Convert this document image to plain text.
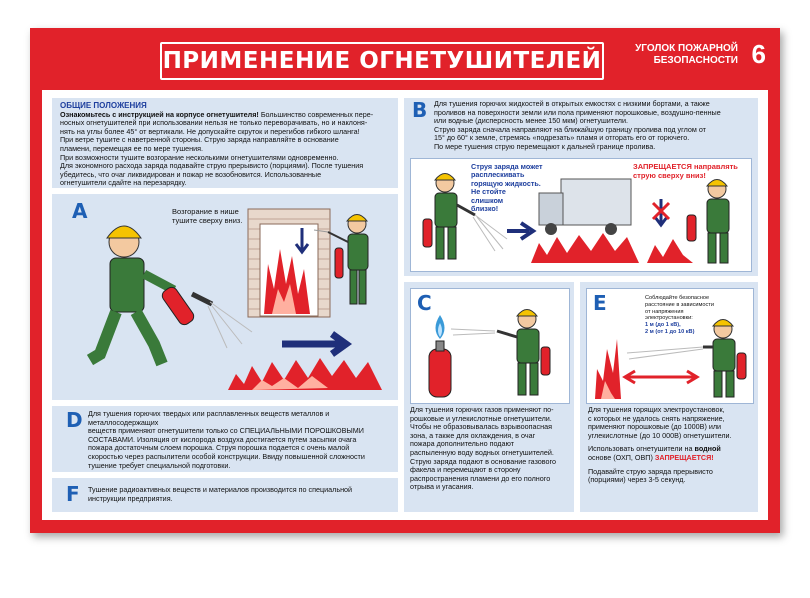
ПРИМЕНЕНИЕ ОГНЕТУШИТЕЛЕЙ	УГОЛОК ПОЖАРНОЙ
БЕЗОПАСНОСТИ 6
ОБЩИЕ ПОЛОЖЕНИЯ
Ознакомьтесь с инструкцией на корпусе огнетушителя! Большинство современных пере-
носных огнетушителей при использовании нельзя не только переворачивать, но и наклоня-
нять на углы более 45° от вертикали. Не допускайте скруток и перегибов гибкого шланга!
При ветре тушите с наветренной стороны. Струю заряда направляйте в основание
пламени, перемещая ее по мере тушения.
При возможности тушите возгорание несколькими огнетушителями одновременно.
Для экономного расхода заряда подавайте струю прерывисто (порциями). После тушения
убедитесь, что очаг ликвидирован и пожар не возобновится. Использованные
огнетушители сдайте на перезарядку.
A	Возгорание в нише
тушите сверху вниз.
D Для тушения горючих твердых или расплавленных веществ металлов и металлосодержащих
веществ применяют огнетушители только со СПЕЦИАЛЬНЫМИ ПОРОШКОВЫМИ
СОСТАВАМИ. Изоляция от кислорода воздуха достигается путем засыпки очага
пожара достаточным слоем порошка. Струя порошка подается с очень малой
скоростью через распылители особой конструкции. Ввиду повышенной сложности
тушение требует специальной подготовки.
F Тушение радиоактивных веществ и материалов производится по специальной
инструкции предприятия.
B Для тушения горючих жидкостей в открытых емкостях с низкими бортами, а также
проливов на поверхности земли или пола применяют порошковые, воздушно-пенные
или водные (дисперсность менее 150 мкм) огнетушители.
Струю заряда сначала направляют на ближайшую границу пролива под углом от
15° до 60° к земле, стремясь «подрезать» пламя и отгорать его от горючего.
По мере тушения струю перемещают к дальней границе пролива.
Струя заряда может
расплескивать
горящую жидкость.
Не стойте
слишком
близко!
ЗАПРЕЩАЕТСЯ направлять
струю сверху вниз!
C
Для тушения горючих газов применяют по-
рошковые и углекислотные огнетушители.
Чтобы не образовывалась взрывоопасная
зона, а также для охлаждения, в очаг
пожара дополнительно подают
распыленную воду водных огнетушителей.
Струю заряда подают в основание газового
факела и перемещают в сторону
распространения пламени до его полного
отрыва и угасания.
E	Соблюдайте безопасное
расстояние в зависимости
от напряжения
электроустановки:
1 м (до 1 кВ),
2 м (от 1 до 10 кВ)
Для тушения горящих электроустановок,
с которых не удалось снять напряжение,
применяют порошковые (до 1000В) или
углекислотные (до 10 000В) огнетушители.
Использовать огнетушители на водной
основе (ОХП, ОВП) ЗАПРЕЩАЕТСЯ!
Подавайте струю заряда прерывисто
(порциями) через 3-5 секунд.
